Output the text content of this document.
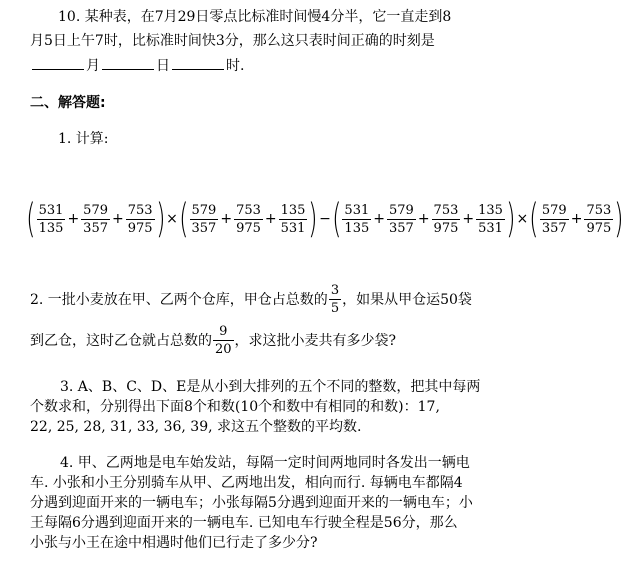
10. 某种表，在7月29日零点比标准时间慢4分半，它一直走到8
月5日上午7时，比标准时间快3分，那么这只表时间正确的时刻是
月	日	时.
二、解答题:
1. 计算:
( $\frac{531}{135} + \frac{579}{357} + \frac{753}{975}$ ) × ( $\frac{579}{357} + \frac{753}{975} + \frac{135}{531}$ ) − ( $\frac{531}{135} + \frac{579}{357} + \frac{753}{975} + \frac{135}{531}$ ) × ( $\frac{579}{357} + \frac{753}{975}$ )
2. 一批小麦放在甲、乙两个仓库，甲仓占总数的 $\frac{3}{5}$ ，如果从甲仓运50袋
到乙仓，这时乙仓就占总数的 $\frac{9}{20}$ ，求这批小麦共有多少袋?
3. A、B、C、D、E是从小到大排列的五个不同的整数，把其中每两
个数求和，分别得出下面8个和数(10个和数中有相同的和数)：17,
22, 25, 28, 31, 33, 36, 39, 求这五个整数的平均数.
4. 甲、乙两地是电车始发站，每隔一定时间两地同时各发出一辆电
车. 小张和小王分别骑车从甲、乙两地出发，相向而行. 每辆电车都隔4
分遇到迎面开来的一辆电车；小张每隔5分遇到迎面开来的一辆电车；小
王每隔6分遇到迎面开来的一辆电车. 已知电车行驶全程是56分，那么
小张与小王在途中相遇时他们已行走了多少分?
